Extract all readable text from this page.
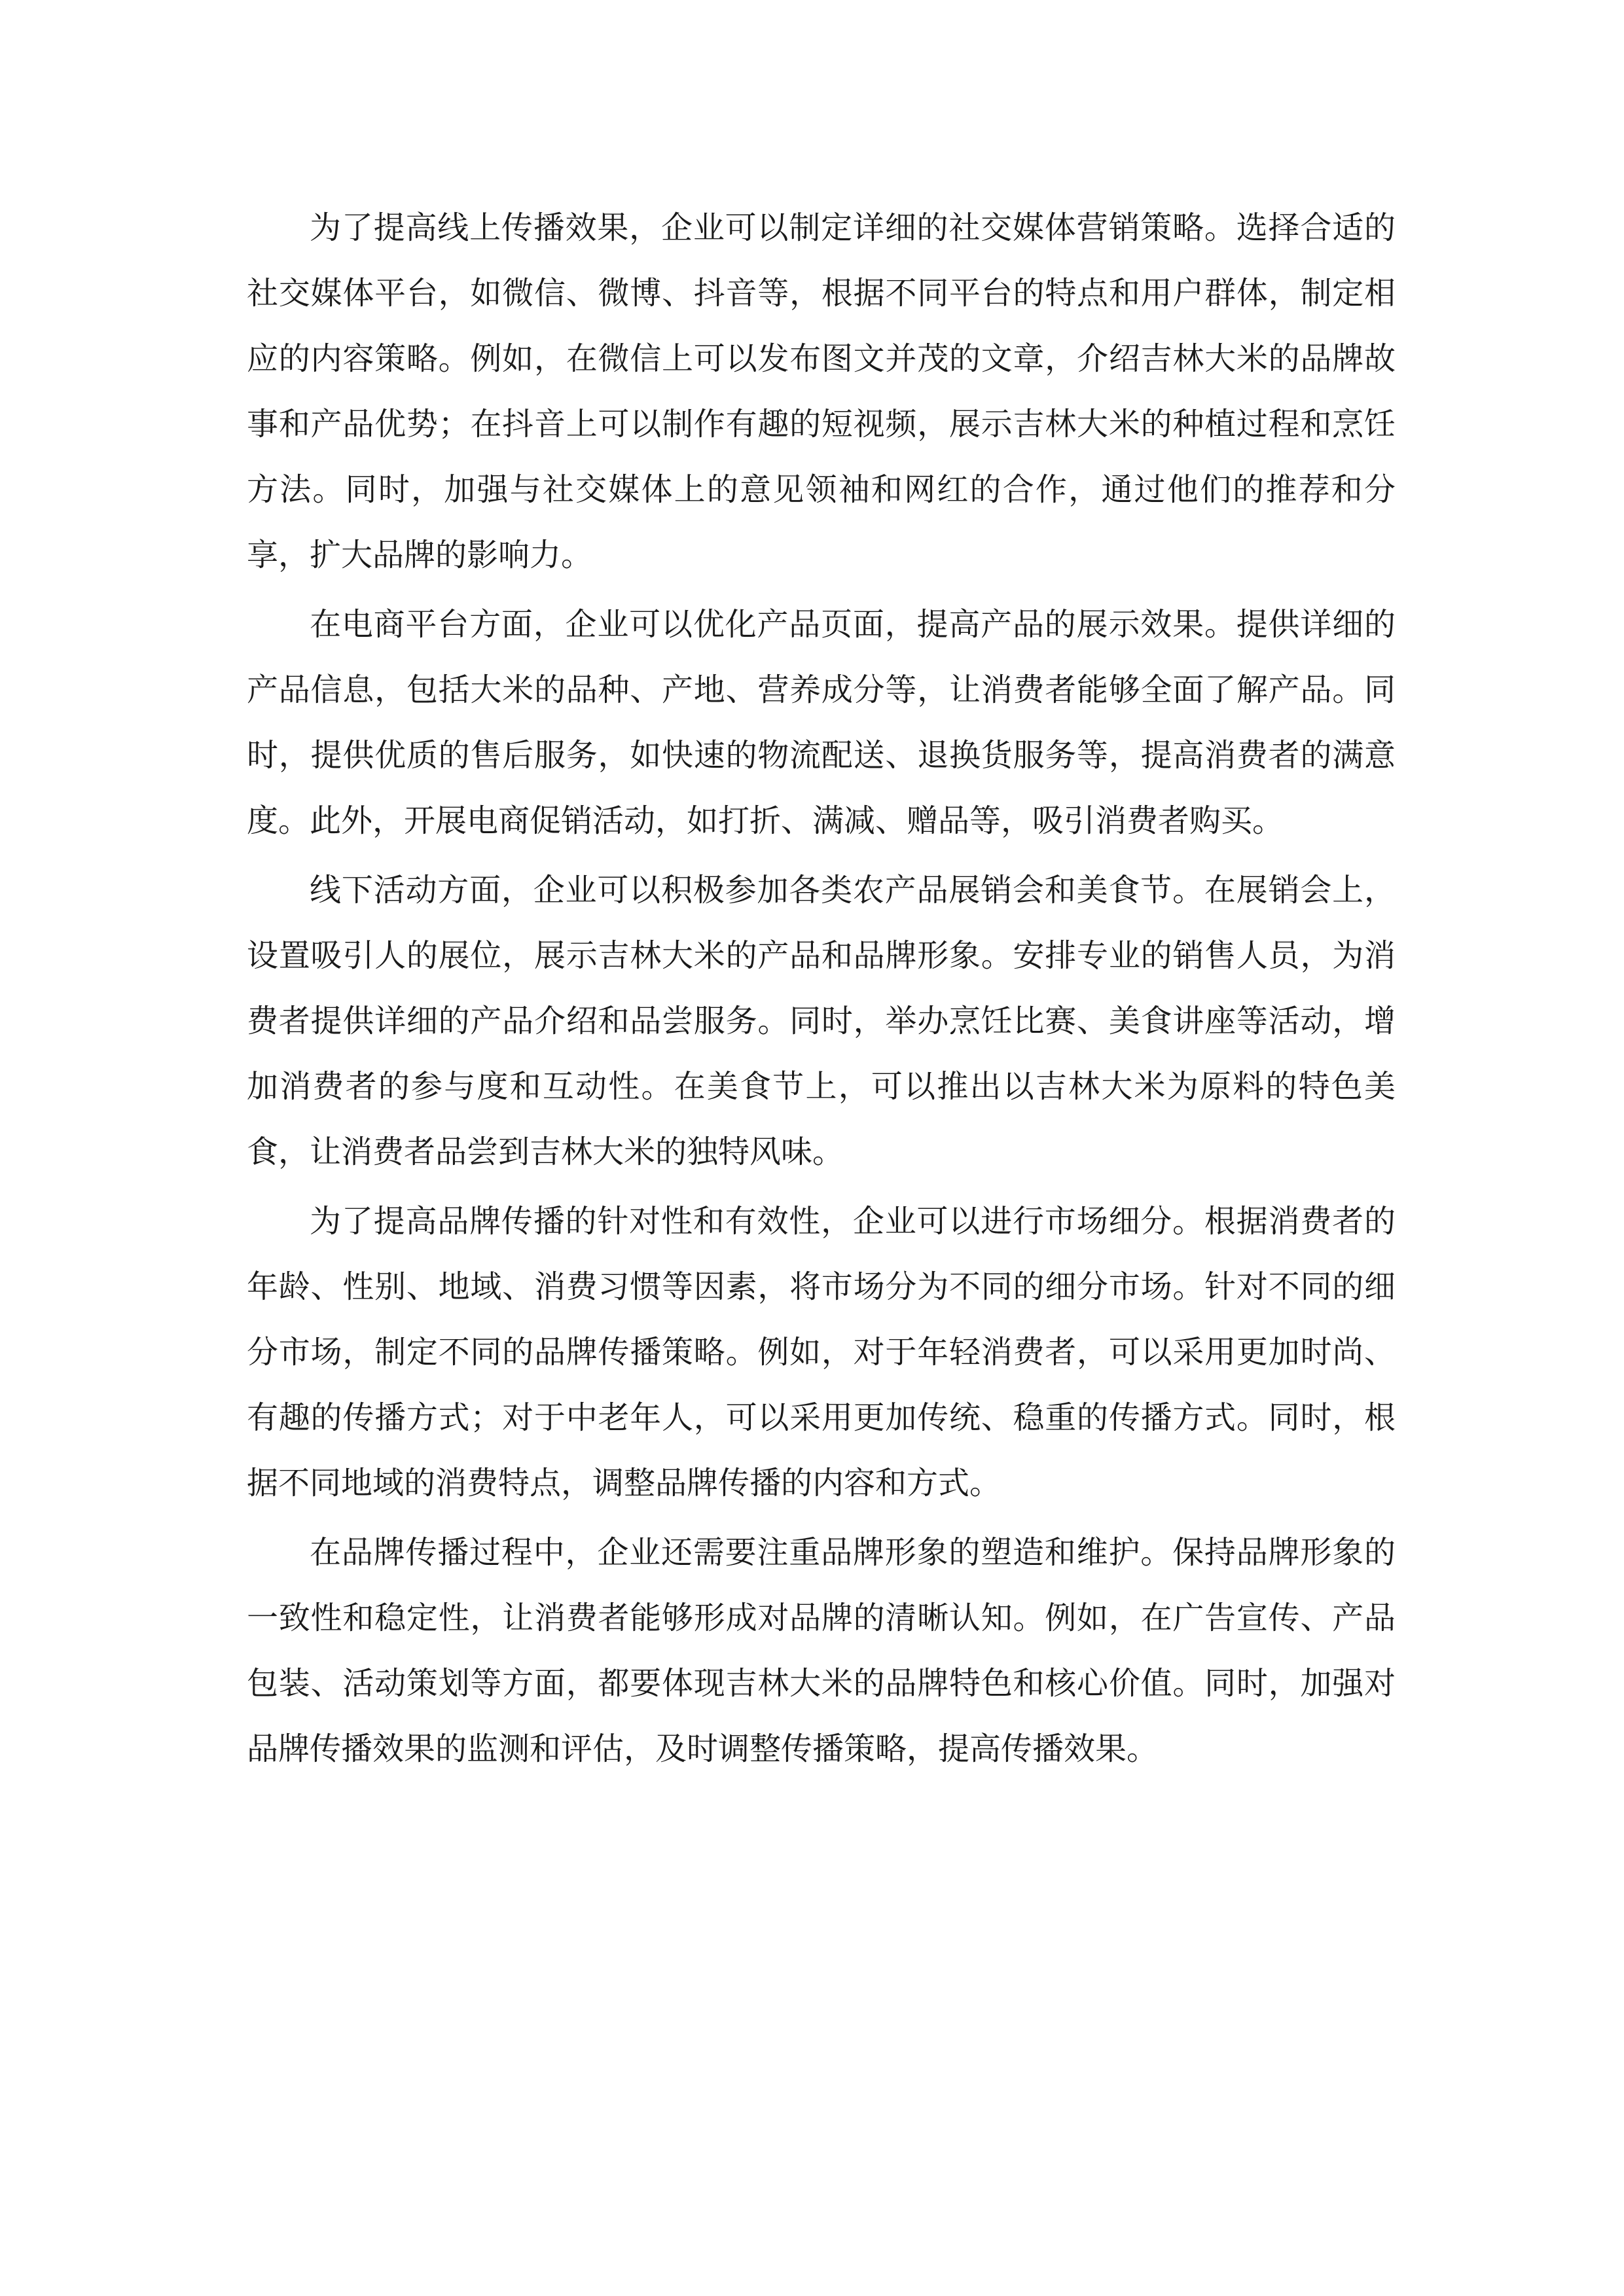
为了提高线上传播效果，企业可以制定详细的社交媒体营销策略。选择合适的社交媒体平台，如微信、微博、抖音等，根据不同平台的特点和用户群体，制定相应的内容策略。例如，在微信上可以发布图文并茂的文章，介绍吉林大米的品牌故事和产品优势；在抖音上可以制作有趣的短视频，展示吉林大米的种植过程和烹饪方法。同时，加强与社交媒体上的意见领袖和网红的合作，通过他们的推荐和分享，扩大品牌的影响力。

在电商平台方面，企业可以优化产品页面，提高产品的展示效果。提供详细的产品信息，包括大米的品种、产地、营养成分等，让消费者能够全面了解产品。同时，提供优质的售后服务，如快速的物流配送、退换货服务等，提高消费者的满意度。此外，开展电商促销活动，如打折、满减、赠品等，吸引消费者购买。

线下活动方面，企业可以积极参加各类农产品展销会和美食节。在展销会上，设置吸引人的展位，展示吉林大米的产品和品牌形象。安排专业的销售人员，为消费者提供详细的产品介绍和品尝服务。同时，举办烹饪比赛、美食讲座等活动，增加消费者的参与度和互动性。在美食节上，可以推出以吉林大米为原料的特色美食，让消费者品尝到吉林大米的独特风味。

为了提高品牌传播的针对性和有效性，企业可以进行市场细分。根据消费者的年龄、性别、地域、消费习惯等因素，将市场分为不同的细分市场。针对不同的细分市场，制定不同的品牌传播策略。例如，对于年轻消费者，可以采用更加时尚、有趣的传播方式；对于中老年人，可以采用更加传统、稳重的传播方式。同时，根据不同地域的消费特点，调整品牌传播的内容和方式。

在品牌传播过程中，企业还需要注重品牌形象的塑造和维护。保持品牌形象的一致性和稳定性，让消费者能够形成对品牌的清晰认知。例如，在广告宣传、产品包装、活动策划等方面，都要体现吉林大米的品牌特色和核心价值。同时，加强对品牌传播效果的监测和评估，及时调整传播策略，提高传播效果。
